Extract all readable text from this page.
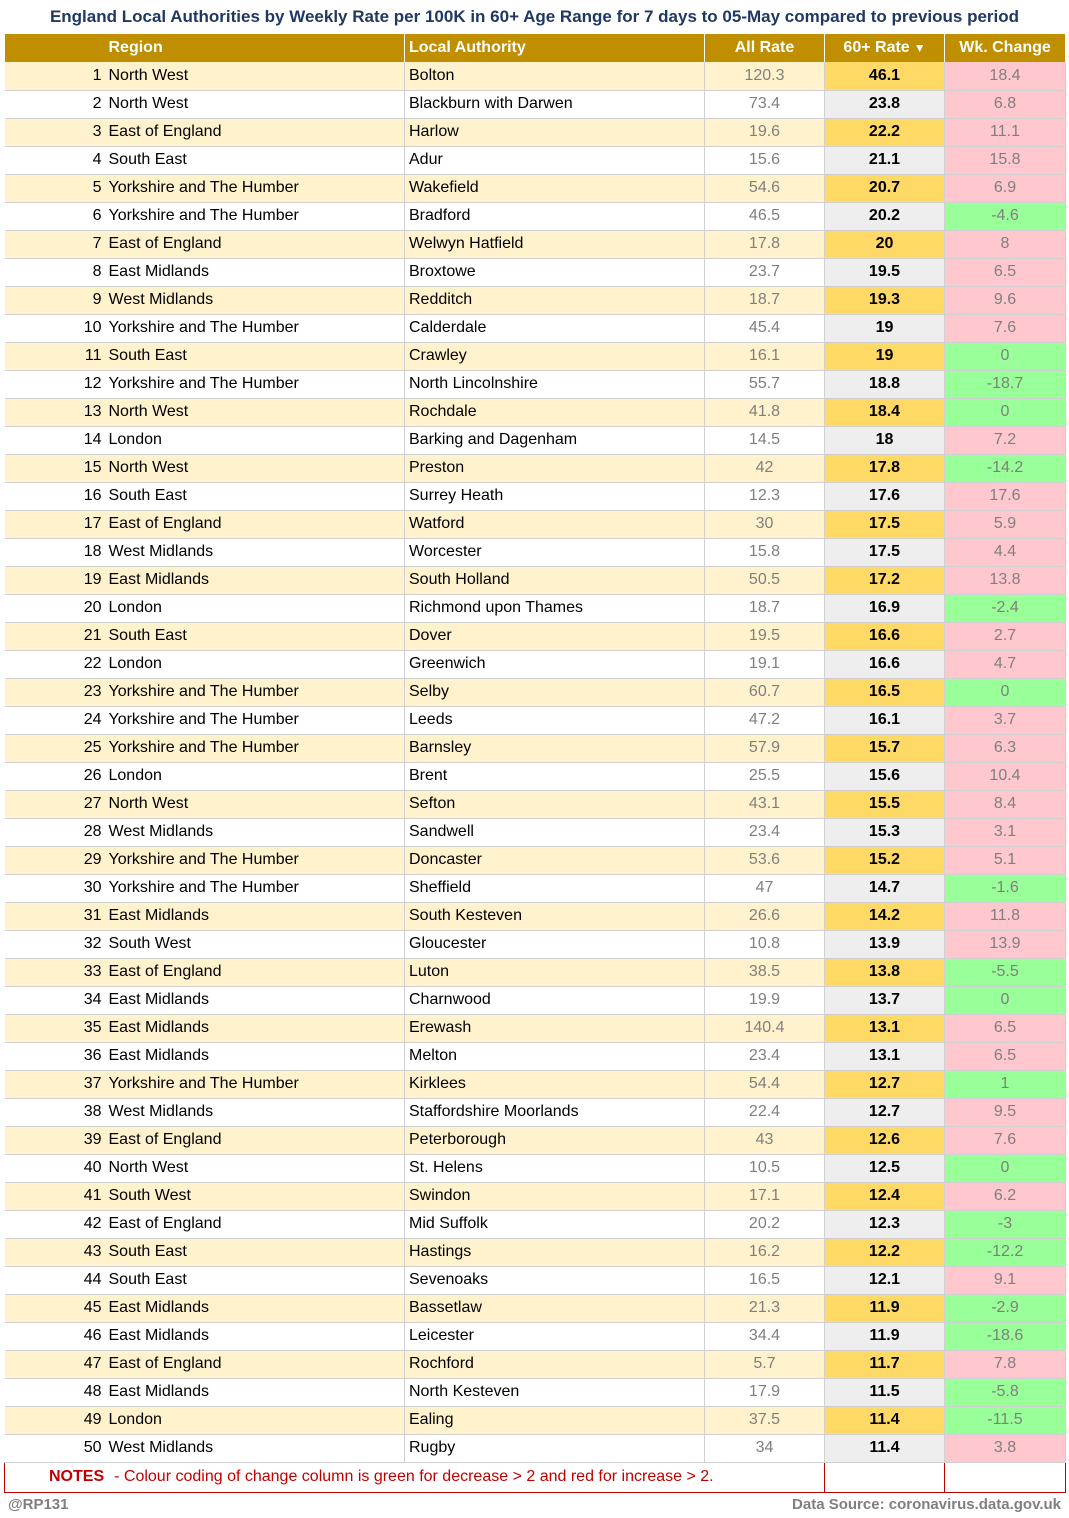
England Local Authorities by Weekly Rate per 100K in 60+ Age Range for 7 days to 05-May compared to previous period
	Region	Local Authority	All Rate	60+ Rate ▼	Wk. Change
1	North West	Bolton	120.3	46.1	18.4
2	North West	Blackburn with Darwen	73.4	23.8	6.8
3	East of England	Harlow	19.6	22.2	11.1
4	South East	Adur	15.6	21.1	15.8
5	Yorkshire and The Humber	Wakefield	54.6	20.7	6.9
6	Yorkshire and The Humber	Bradford	46.5	20.2	-4.6
7	East of England	Welwyn Hatfield	17.8	20	8
8	East Midlands	Broxtowe	23.7	19.5	6.5
9	West Midlands	Redditch	18.7	19.3	9.6
10	Yorkshire and The Humber	Calderdale	45.4	19	7.6
11	South East	Crawley	16.1	19	0
12	Yorkshire and The Humber	North Lincolnshire	55.7	18.8	-18.7
13	North West	Rochdale	41.8	18.4	0
14	London	Barking and Dagenham	14.5	18	7.2
15	North West	Preston	42	17.8	-14.2
16	South East	Surrey Heath	12.3	17.6	17.6
17	East of England	Watford	30	17.5	5.9
18	West Midlands	Worcester	15.8	17.5	4.4
19	East Midlands	South Holland	50.5	17.2	13.8
20	London	Richmond upon Thames	18.7	16.9	-2.4
21	South East	Dover	19.5	16.6	2.7
22	London	Greenwich	19.1	16.6	4.7
23	Yorkshire and The Humber	Selby	60.7	16.5	0
24	Yorkshire and The Humber	Leeds	47.2	16.1	3.7
25	Yorkshire and The Humber	Barnsley	57.9	15.7	6.3
26	London	Brent	25.5	15.6	10.4
27	North West	Sefton	43.1	15.5	8.4
28	West Midlands	Sandwell	23.4	15.3	3.1
29	Yorkshire and The Humber	Doncaster	53.6	15.2	5.1
30	Yorkshire and The Humber	Sheffield	47	14.7	-1.6
31	East Midlands	South Kesteven	26.6	14.2	11.8
32	South West	Gloucester	10.8	13.9	13.9
33	East of England	Luton	38.5	13.8	-5.5
34	East Midlands	Charnwood	19.9	13.7	0
35	East Midlands	Erewash	140.4	13.1	6.5
36	East Midlands	Melton	23.4	13.1	6.5
37	Yorkshire and The Humber	Kirklees	54.4	12.7	1
38	West Midlands	Staffordshire Moorlands	22.4	12.7	9.5
39	East of England	Peterborough	43	12.6	7.6
40	North West	St. Helens	10.5	12.5	0
41	South West	Swindon	17.1	12.4	6.2
42	East of England	Mid Suffolk	20.2	12.3	-3
43	South East	Hastings	16.2	12.2	-12.2
44	South East	Sevenoaks	16.5	12.1	9.1
45	East Midlands	Bassetlaw	21.3	11.9	-2.9
46	East Midlands	Leicester	34.4	11.9	-18.6
47	East of England	Rochford	5.7	11.7	7.8
48	East Midlands	North Kesteven	17.9	11.5	-5.8
49	London	Ealing	37.5	11.4	-11.5
50	West Midlands	Rugby	34	11.4	3.8
NOTES - Colour coding of change column is green for decrease > 2 and red for increase > 2.					
@RP131	Data Source: coronavirus.data.gov.uk
